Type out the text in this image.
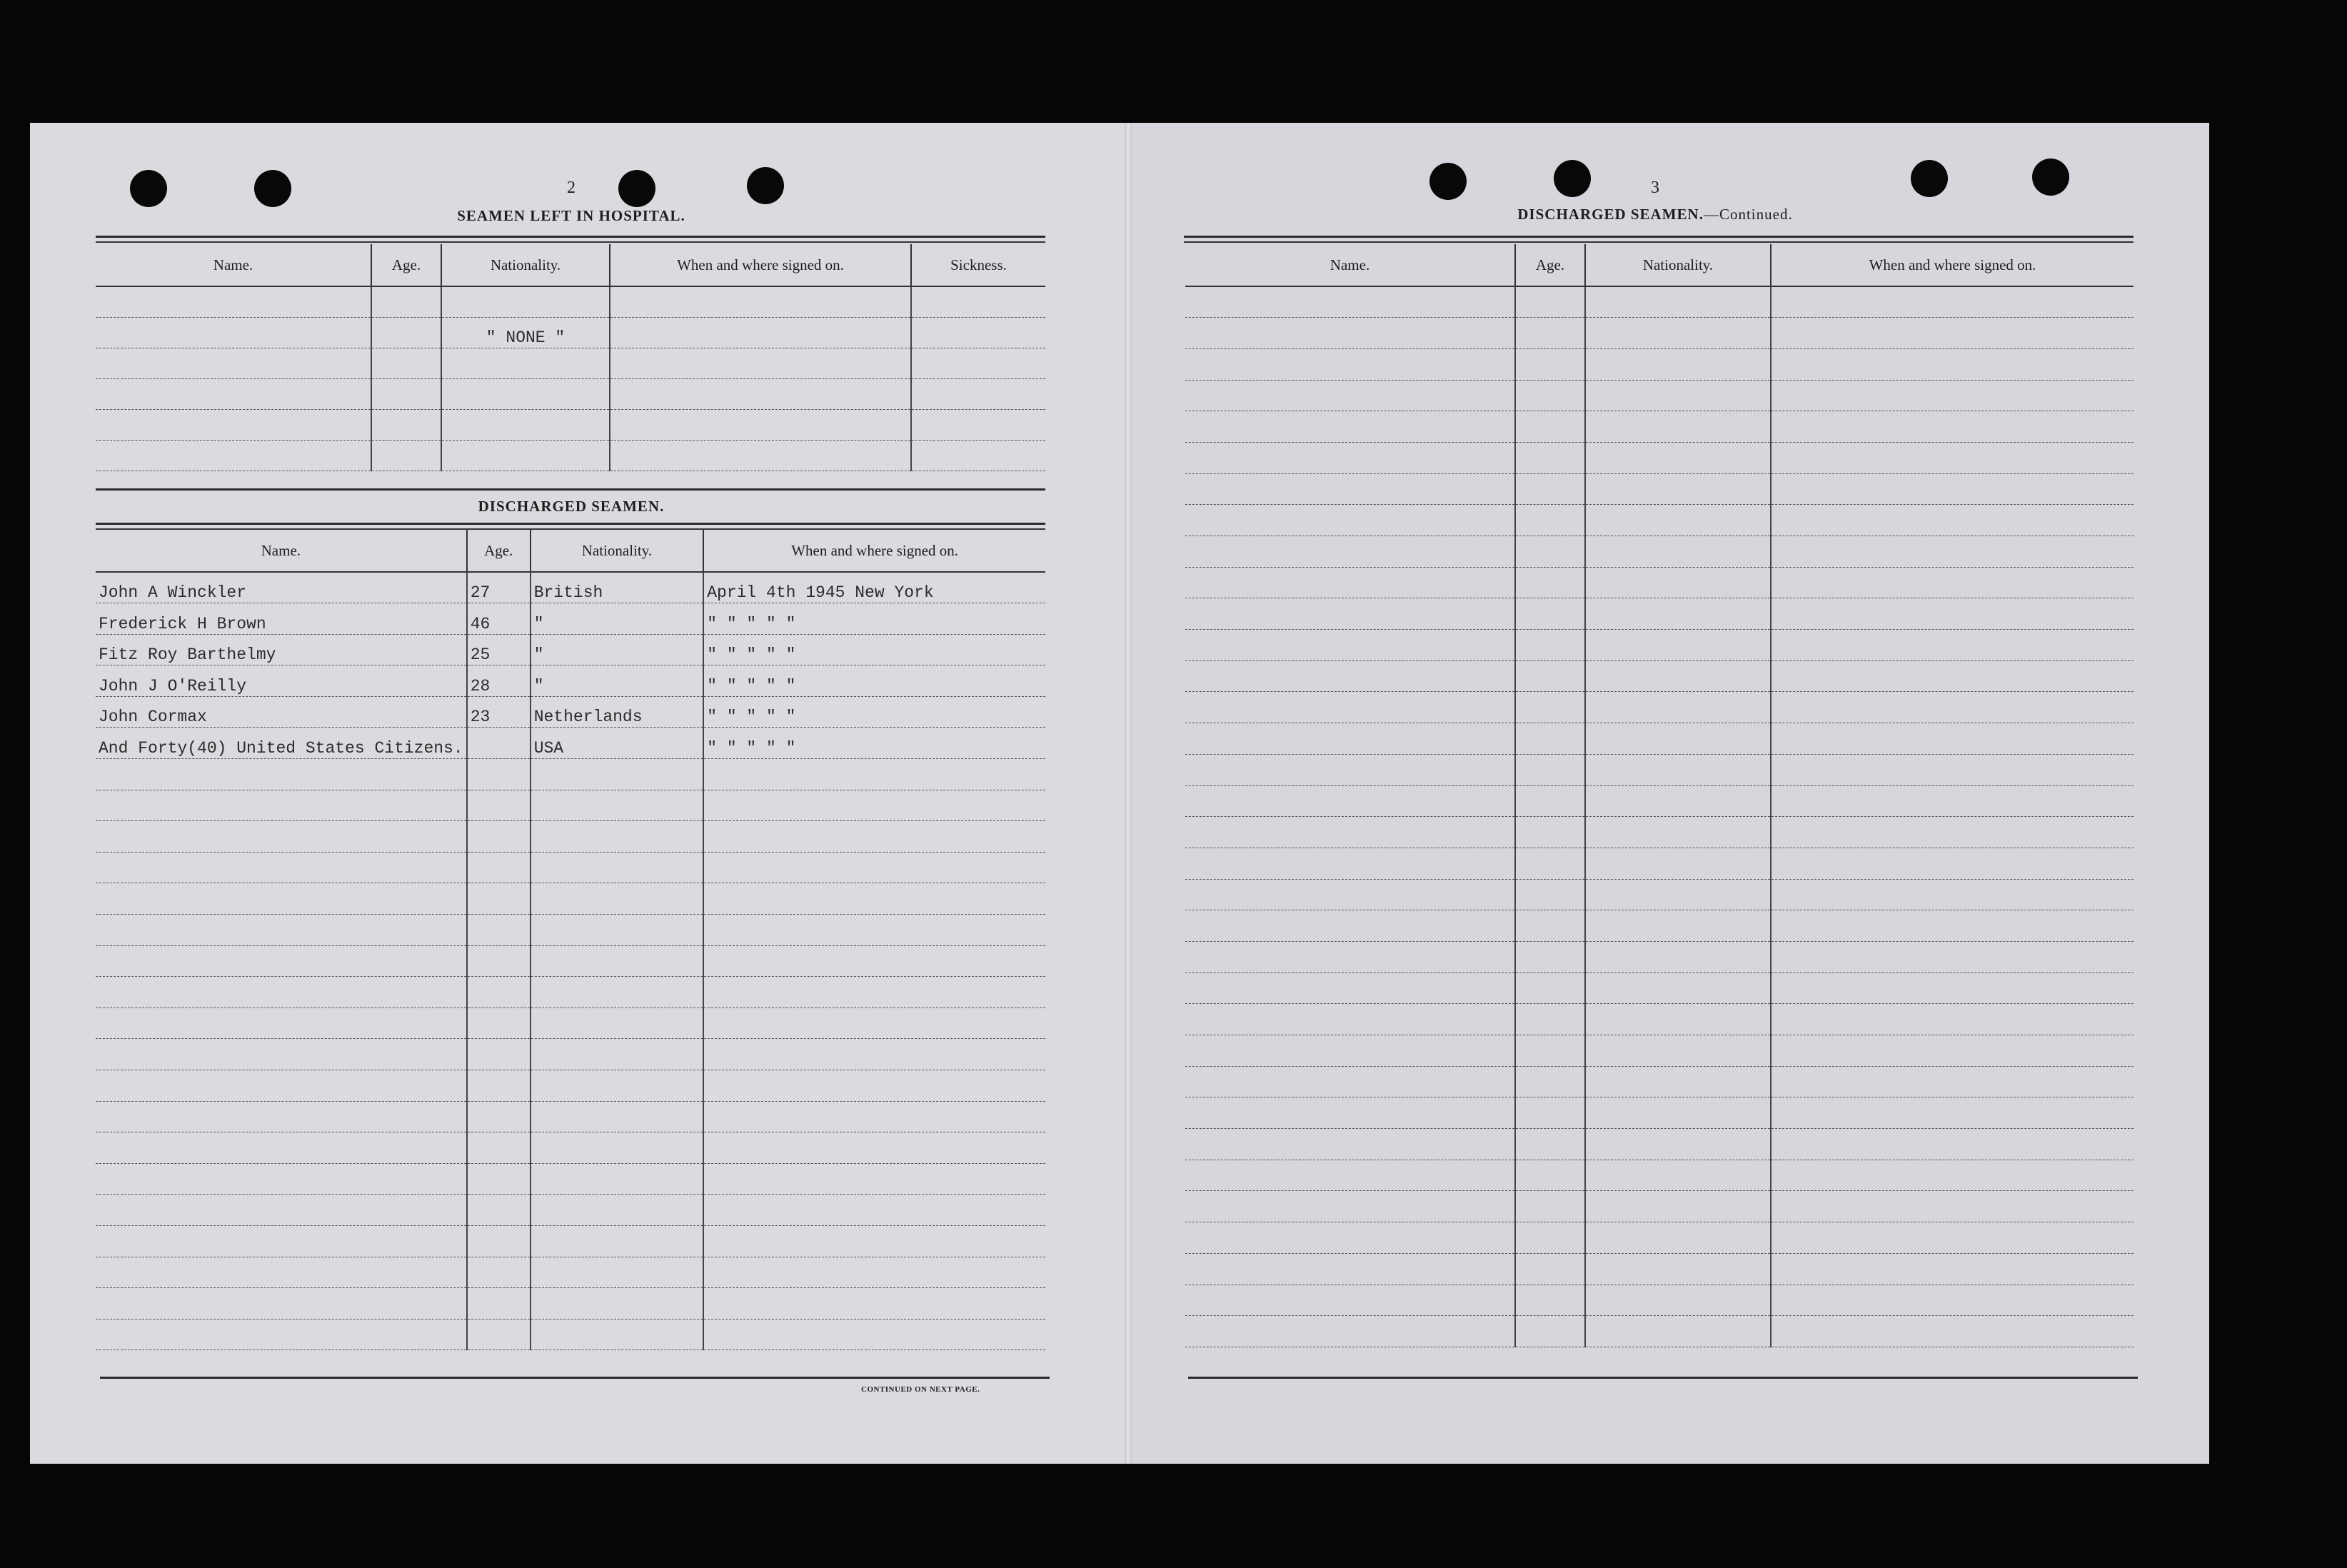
2
SEAMEN LEFT IN HOSPITAL.
Name.	Age.	Nationality.	When and where signed on.	Sickness.

		" NONE "		

DISCHARGED SEAMEN.
Name.	Age.	Nationality.	When and where signed on.
John A Winckler	27	British	April 4th 1945 New York
Frederick H Brown	46	"	" " " " "
Fitz Roy Barthelmy	25	"	" " " " "
John J O'Reilly	28	"	" " " " "
John Cormax	23	Netherlands	" " " " "
And Forty(40) United States Citizens.		USA	" " " " "

CONTINUED ON NEXT PAGE.
3
DISCHARGED SEAMEN.—Continued.
Name.	Age.	Nationality.	When and where signed on.
